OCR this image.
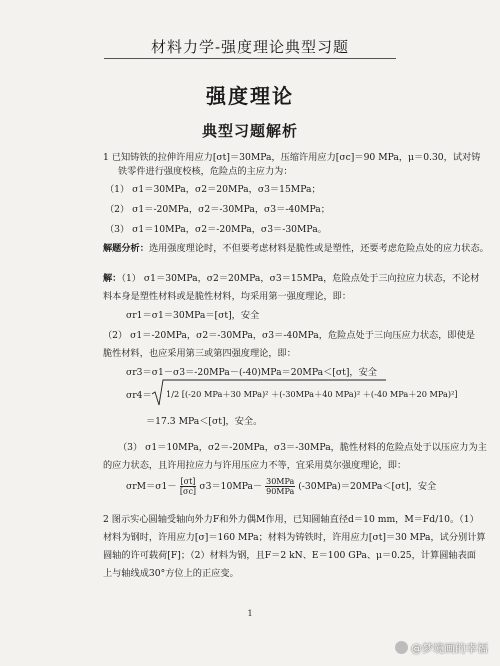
材料力学-强度理论典型习题
强度理论
典型习题解析
1 已知铸铁的拉伸许用应力[σt]＝30MPa，压缩许用应力[σc]＝90 MPa，μ＝0.30，试对铸
铁零件进行强度校核，危险点的主应力为：
（1） σ1＝30MPa，σ2＝20MPa，σ3＝15MPa；
（2） σ1＝-20MPa，σ2＝-30MPa，σ3＝-40MPa；
（3） σ1＝10MPa，σ2＝-20MPa，σ3＝-30MPa。
解题分析：选用强度理论时，不但要考虑材料是脆性或是塑性，还要考虑危险点处的应力状态。
解：（1） σ1＝30MPa，σ2＝20MPa，σ3＝15MPa，危险点处于三向拉应力状态，不论材
料本身是塑性材料或是脆性材料，均采用第一强度理论，即：
σr1＝σ1＝30MPa＝[σt]，安全
（2） σ1＝-20MPa，σ2＝-30MPa，σ3＝-40MPa，危险点处于三向压应力状态，即使是
脆性材料，也应采用第三或第四强度理论，即：
σr3＝σ1－σ3＝-20MPa－(-40)MPa＝20MPa＜[σt]，安全
σr4＝ 1/2 [(-20 MPa＋30 MPa)² ＋(-30MPa＋40 MPa)² ＋(-40 MPa＋20 MPa)²]
＝17.3 MPa＜[σt]，安全。
（3） σ1＝10MPa，σ2＝-20MPa，σ3＝-30MPa，脆性材料的危险点处于以压应力为主
的应力状态，且许用拉应力与许用压应力不等，宜采用莫尔强度理论，即：
$\sigma rM=\sigma 1- \frac{[\sigma t]}{[\sigma c]} \sigma 3=10MPa- 30MPa$
90MPa (-30MPa)＝20MPa＜[σt]，安全
2 图示实心圆轴受轴向外力F和外力偶M作用，已知圆轴直径d＝10 mm，M＝Fd/10。（1）
材料为钢时，许用应力[σ]＝160 MPa；材料为铸铁时，许用应力[σt]＝30 MPa，试分别计算
圆轴的许可载荷[F]；（2）材料为钢，且F＝2 kN、E＝100 GPa、μ＝0.25，计算圆轴表面
上与轴线成30°方位上的正应变。
1
@梦境画的幸福
